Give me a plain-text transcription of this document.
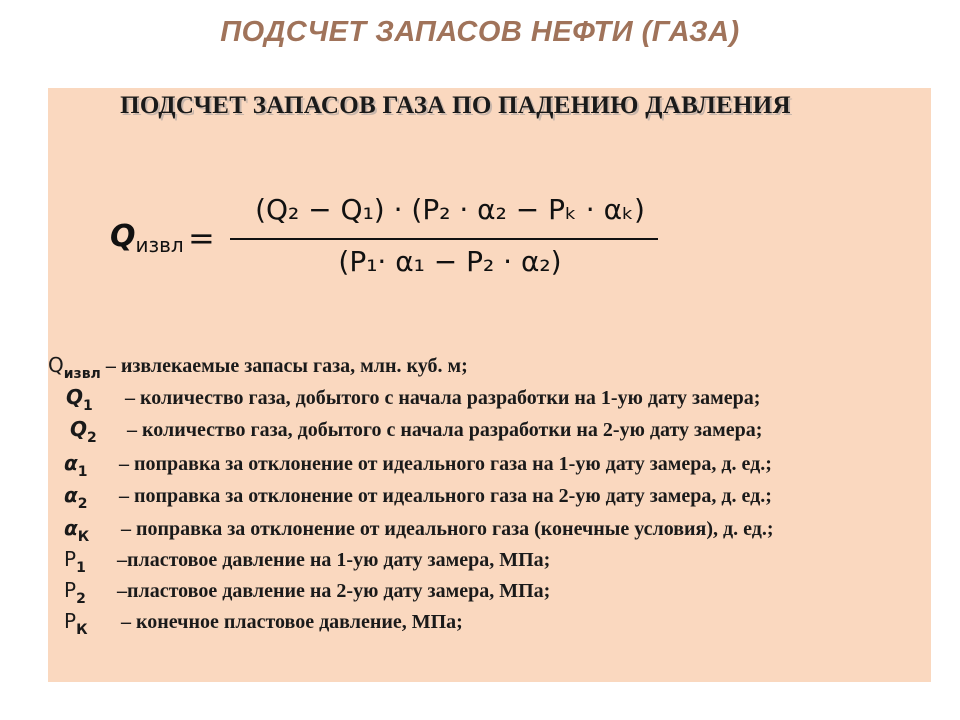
ПОДСЧЕТ ЗАПАСОВ НЕФТИ (ГАЗА)
ПОДСЧЕТ ЗАПАСОВ ГАЗА ПО ПАДЕНИЮ ДАВЛЕНИЯ
$Q_{извл}$ =
(Q₂ − Q₁) · (P₂ · α₂ − Pₖ · αₖ)
(P₁· α₁ − P₂ · α₂)
$Q_{извл}$ – извлекаемые запасы газа, млн. куб. м;
$Q_1$ – количество газа, добытого с начала разработки на 1-ую дату замера;
$Q_2$ – количество газа, добытого с начала разработки на 2-ую дату замера;
$\alpha_1$ – поправка за отклонение от идеального газа на 1-ую дату замера, д. ед.;
$\alpha_2$ – поправка за отклонение от идеального газа на 2-ую дату замера, д. ед.;
$\alpha_К$ – поправка за отклонение от идеального газа (конечные условия), д. ед.;
$Р_1$ –пластовое давление на 1-ую дату замера, МПа;
$Р_2$ –пластовое давление на 2-ую дату замера, МПа;
$Р_К$ – конечное пластовое давление, МПа;
